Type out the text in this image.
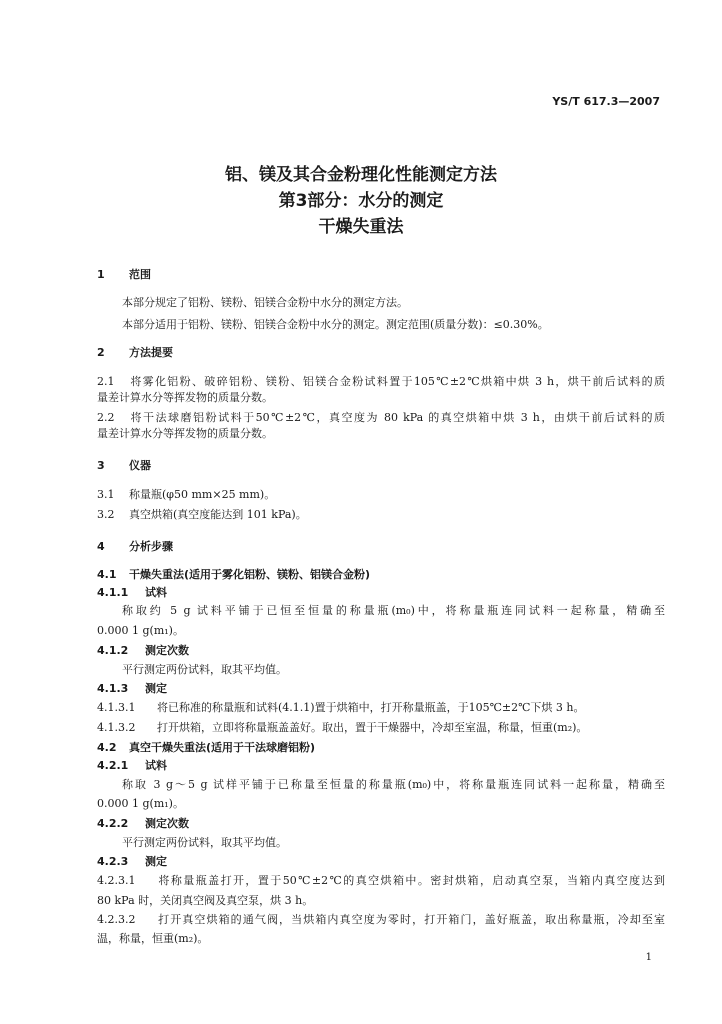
YS/T 617.3—2007
铝、镁及其合金粉理化性能测定方法
第3部分：水分的测定
干燥失重法
1 范围
本部分规定了铝粉、镁粉、铝镁合金粉中水分的测定方法。
本部分适用于铝粉、镁粉、铝镁合金粉中水分的测定。测定范围(质量分数)：≤0.30%。
2 方法提要
2.1 将雾化铝粉、破碎铝粉、镁粉、铝镁合金粉试料置于105℃±2℃烘箱中烘 3 h，烘干前后试料的质
量差计算水分等挥发物的质量分数。
2.2 将干法球磨铝粉试料于50℃±2℃，真空度为 80 kPa 的真空烘箱中烘 3 h，由烘干前后试料的质
量差计算水分等挥发物的质量分数。
3 仪器
3.1 称量瓶(φ50 mm×25 mm)。
3.2 真空烘箱(真空度能达到 101 kPa)。
4 分析步骤
4.1 干燥失重法(适用于雾化铝粉、镁粉、铝镁合金粉)
4.1.1 试料
称取约 5 g 试料平铺于已恒至恒量的称量瓶(m₀)中，将称量瓶连同试料一起称量，精确至
0.000 1 g(m₁)。
4.1.2 测定次数
平行测定两份试料，取其平均值。
4.1.3 测定
4.1.3.1 将已称准的称量瓶和试料(4.1.1)置于烘箱中，打开称量瓶盖，于105℃±2℃下烘 3 h。
4.1.3.2 打开烘箱，立即将称量瓶盖盖好。取出，置于干燥器中，冷却至室温，称量，恒重(m₂)。
4.2 真空干燥失重法(适用于干法球磨铝粉)
4.2.1 试料
称取 3 g～5 g 试样平铺于已称量至恒量的称量瓶(m₀)中，将称量瓶连同试料一起称量，精确至
0.000 1 g(m₁)。
4.2.2 测定次数
平行测定两份试料，取其平均值。
4.2.3 测定
4.2.3.1 将称量瓶盖打开，置于50℃±2℃的真空烘箱中。密封烘箱，启动真空泵，当箱内真空度达到
80 kPa 时，关闭真空阀及真空泵，烘 3 h。
4.2.3.2 打开真空烘箱的通气阀，当烘箱内真空度为零时，打开箱门，盖好瓶盖，取出称量瓶，冷却至室
温，称量，恒重(m₂)。
1
